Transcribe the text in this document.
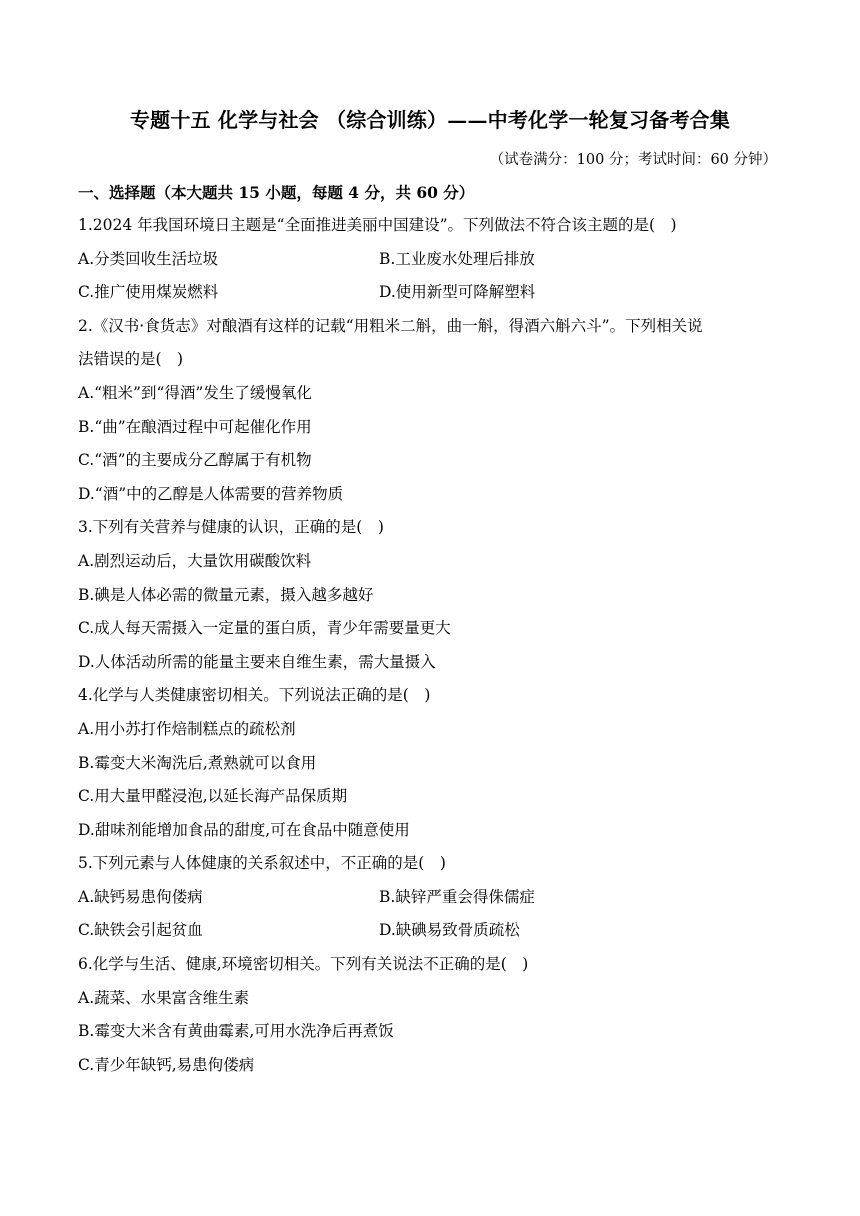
专题十五 化学与社会 （综合训练）——中考化学一轮复习备考合集
（试卷满分：100 分；考试时间：60 分钟）
一、选择题（本大题共 15 小题，每题 4 分，共 60 分）
1.2024 年我国环境日主题是“全面推进美丽中国建设”。下列做法不符合该主题的是(　)
A.分类回收生活垃圾	B.工业废水处理后排放
C.推广使用煤炭燃料	D.使用新型可降解塑料
2.《汉书·食货志》对酿酒有这样的记载“用粗米二斛，曲一斛，得酒六斛六斗”。下列相关说
法错误的是(　)
A.“粗米”到“得酒”发生了缓慢氧化
B.“曲”在酿酒过程中可起催化作用
C.“酒”的主要成分乙醇属于有机物
D.“酒”中的乙醇是人体需要的营养物质
3.下列有关营养与健康的认识，正确的是(　)
A.剧烈运动后，大量饮用碳酸饮料
B.碘是人体必需的微量元素，摄入越多越好
C.成人每天需摄入一定量的蛋白质，青少年需要量更大
D.人体活动所需的能量主要来自维生素，需大量摄入
4.化学与人类健康密切相关。下列说法正确的是(　)
A.用小苏打作焙制糕点的疏松剂
B.霉变大米淘洗后,煮熟就可以食用
C.用大量甲醛浸泡,以延长海产品保质期
D.甜味剂能增加食品的甜度,可在食品中随意使用
5.下列元素与人体健康的关系叙述中，不正确的是(　)
A.缺钙易患佝偻病	B.缺锌严重会得侏儒症
C.缺铁会引起贫血	D.缺碘易致骨质疏松
6.化学与生活、健康,环境密切相关。下列有关说法不正确的是(　)
A.蔬菜、水果富含维生素
B.霉变大米含有黄曲霉素,可用水洗净后再煮饭
C.青少年缺钙,易患佝偻病
